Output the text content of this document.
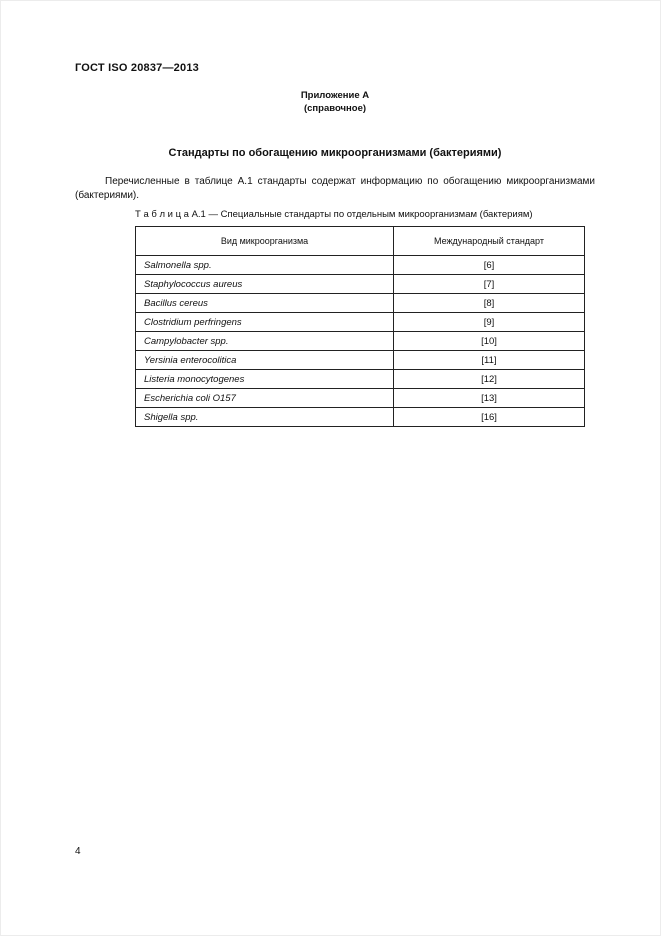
ГОСТ ISO 20837—2013
Приложение А
(справочное)
Стандарты по обогащению микроорганизмами (бактериями)
Перечисленные в таблице А.1 стандарты содержат информацию по обогащению микроорганизмами (бактериями).
Т а б л и ц а А.1 — Специальные стандарты по отдельным микроорганизмам (бактериям)
Вид микроорганизма	Международный стандарт
Salmonella spp.	[6]
Staphylococcus aureus	[7]
Bacillus cereus	[8]
Clostridium perfringens	[9]
Campylobacter spp.	[10]
Yersinia enterocolitica	[11]
Listeria monocytogenes	[12]
Escherichia coli O157	[13]
Shigella spp.	[16]
4
